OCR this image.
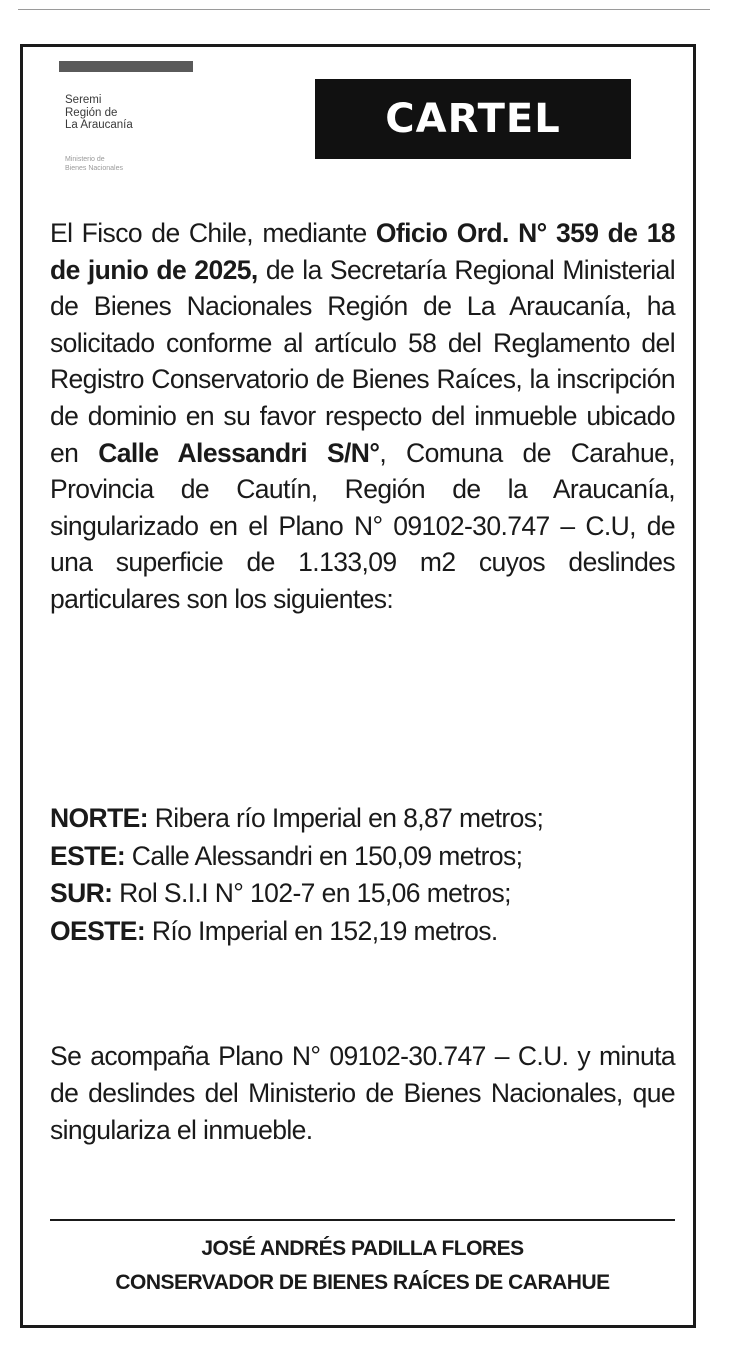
Seremi
Región de
La Araucanía
Ministerio de
Bienes Nacionales
CARTEL
El Fisco de Chile, mediante Oficio Ord. N° 359 de 18 de junio de 2025, de la Secretaría Regional Ministerial de Bienes Nacionales Región de La Araucanía, ha solicitado conforme al artículo 58 del Reglamento del Registro Conservatorio de Bienes Raíces, la inscripción de dominio en su favor respecto del inmueble ubicado en Calle Alessandri S/N°, Comuna de Carahue, Provincia de Cautín, Región de la Araucanía, singularizado en el Plano N° 09102-30.747 – C.U, de una superficie de 1.133,09 m2 cuyos deslindes particulares son los siguientes:
NORTE: Ribera río Imperial en 8,87 metros;
ESTE: Calle Alessandri en 150,09 metros;
SUR: Rol S.I.I N° 102-7 en 15,06 metros;
OESTE: Río Imperial en 152,19 metros.
Se acompaña Plano N° 09102-30.747 – C.U. y minuta de deslindes del Ministerio de Bienes Nacionales, que singulariza el inmueble.
JOSÉ ANDRÉS PADILLA FLORES
CONSERVADOR DE BIENES RAÍCES DE CARAHUE
